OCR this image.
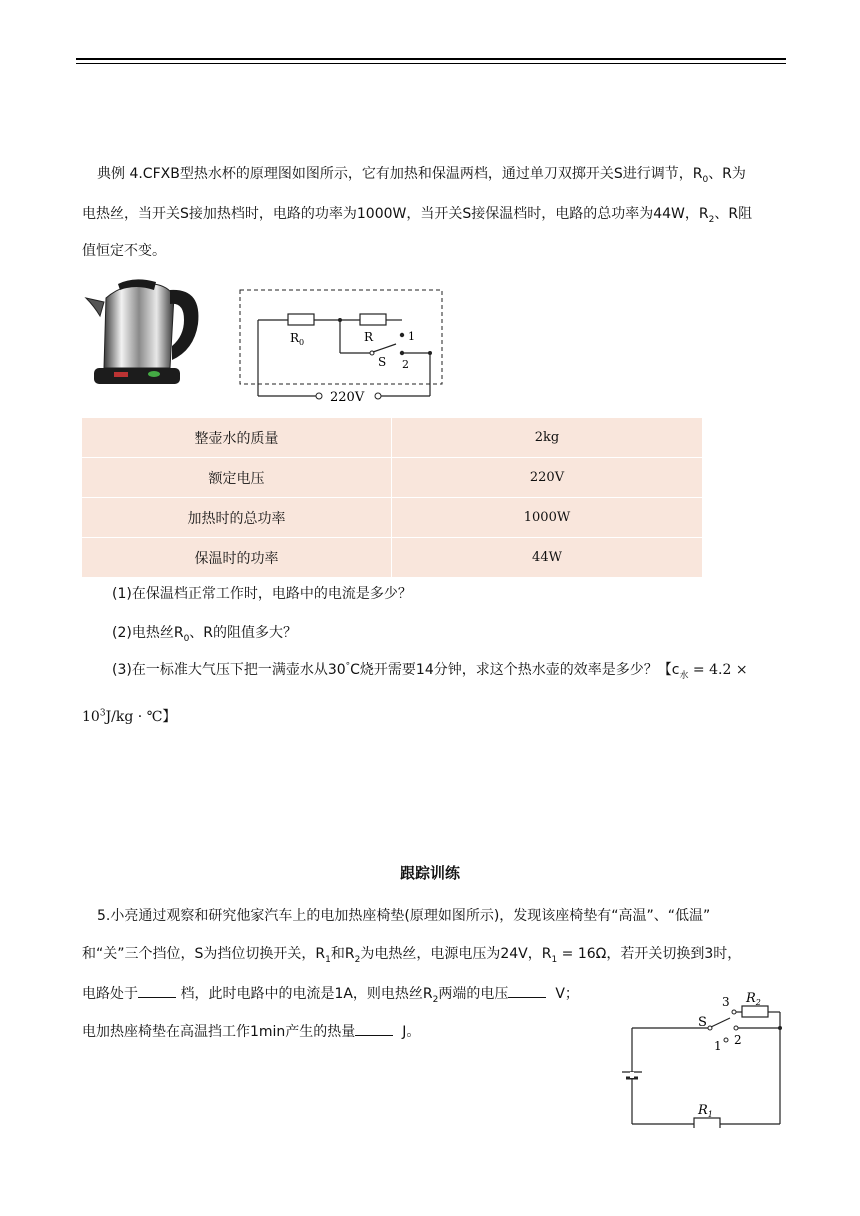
典例 4.CFXB型热水杯的原理图如图所示，它有加热和保温两档，通过单刀双掷开关S进行调节，$R_0$、R为
电热丝，当开关S接加热档时，电路的功率为1000W，当开关S接保温档时，电路的总功率为44W，$R_2$、R阻
值恒定不变。
$R_0$	R	1
S 2
220V
整壶水的质量	2kg
额定电压	220V
加热时的总功率	1000W
保温时的功率	44W
(1)在保温档正常工作时，电路中的电流是多少？
(2)电热丝$R_0$、R的阻值多大？
(3)在一标准大气压下把一满壶水从30°C烧开需要14分钟，求这个热水壶的效率是多少？【$c_水 = 4.2$ ×
$10^3J/kg$ · ℃】
跟踪训练
5.小亮通过观察和研究他家汽车上的电加热座椅垫(原理如图所示)，发现该座椅垫有“高温”、“低温”
和“关”三个挡位，S为挡位切换开关，$R_1$和$R_2$为电热丝，电源电压为24V，$R_1 = 16\Omega$，若开关切换到3时，
电路处于	档，此时电路中的电流是1A，则电热丝$R_2$两端的电压	V；
电加热座椅垫在高温挡工作1min产生的热量	J。
S
3
1 2
$R_2$
$R_1$
